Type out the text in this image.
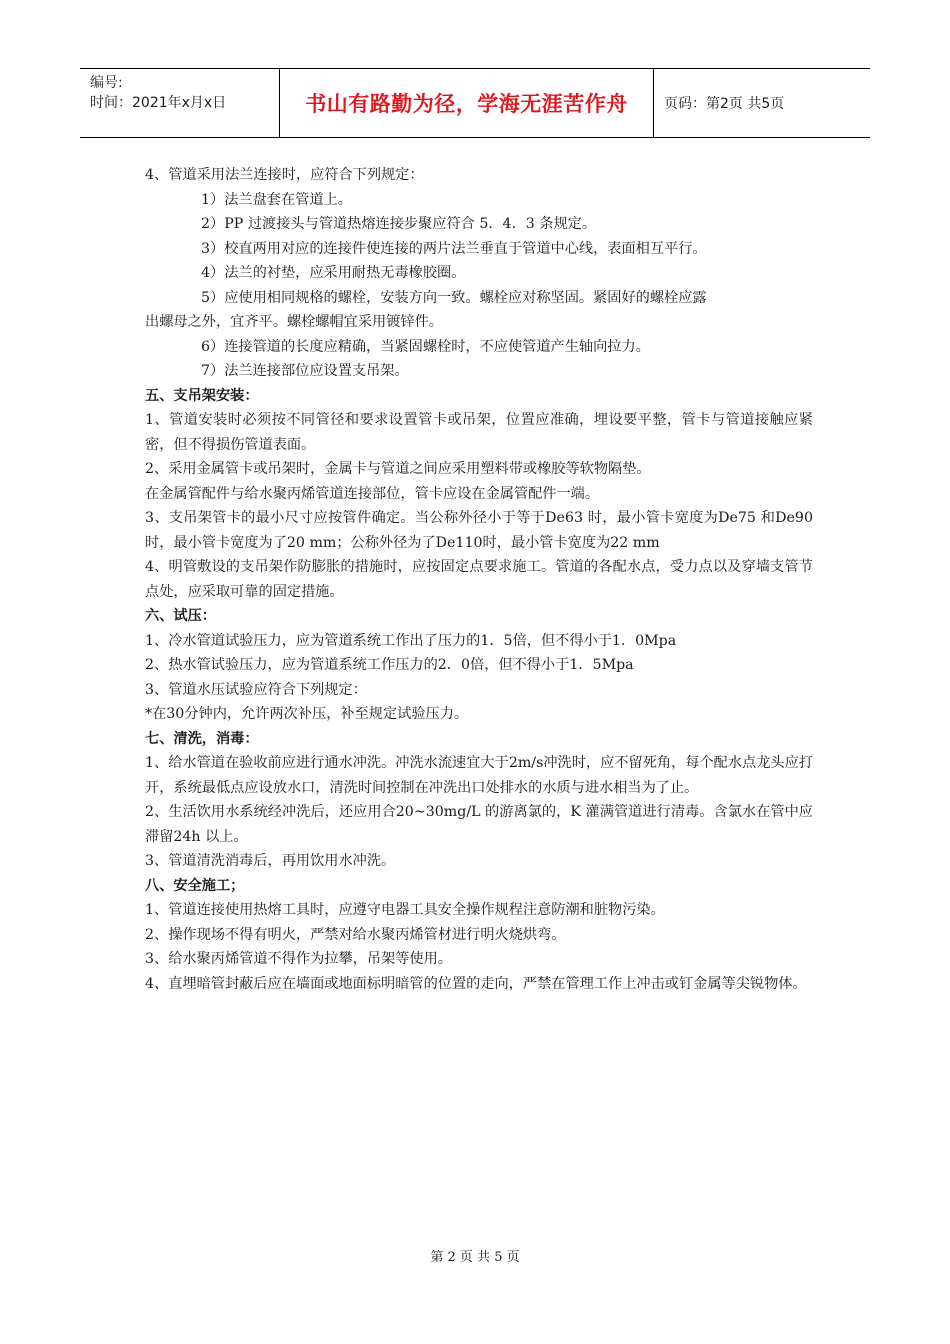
编号:
时间：2021年x月x日	书山有路勤为径，学海无涯苦作舟	页码：第2页 共5页

4、管道采用法兰连接时，应符合下列规定：

1）法兰盘套在管道上。

2）PP 过渡接头与管道热熔连接步聚应符合 5．4．3 条规定。

3）校直两用对应的连接件使连接的两片法兰垂直于管道中心线，表面相互平行。

4）法兰的衬垫，应采用耐热无毒橡胶圈。

5）应使用相同规格的螺栓，安装方向一致。螺栓应对称坚固。紧固好的螺栓应露

出螺母之外，宜齐平。螺栓螺帽宜采用镀锌件。

6）连接管道的长度应精确，当紧固螺栓时，不应使管道产生轴向拉力。

7）法兰连接部位应设置支吊架。

五、支吊架安装：

1、管道安装时必须按不同管径和要求设置管卡或吊架，位置应准确，埋设要平整，管卡与管道接触应紧密，但不得损伤管道表面。

2、采用金属管卡或吊架时，金属卡与管道之间应采用塑料带或橡胶等软物隔垫。

在金属管配件与给水聚丙烯管道连接部位，管卡应设在金属管配件一端。

3、支吊架管卡的最小尺寸应按管件确定。当公称外径小于等于De63 时，最小管卡宽度为De75 和De90 时，最小管卡宽度为了20 mm；公称外径为了De110时，最小管卡宽度为22 mm

4、明管敷设的支吊架作防膨胀的措施时，应按固定点要求施工。管道的各配水点，受力点以及穿墙支管节点处，应采取可靠的固定措施。

六、试压：

1、冷水管道试验压力，应为管道系统工作出了压力的1．5倍，但不得小于1．0Mpa

2、热水管试验压力，应为管道系统工作压力的2．0倍，但不得小于1．5Mpa

3、管道水压试验应符合下列规定：

*在30分钟内，允许两次补压，补至规定试验压力。

七、清洗，消毒：

1、给水管道在验收前应进行通水冲洗。冲洗水流速宜大于2m/s冲洗时，应不留死角，每个配水点龙头应打开，系统最低点应设放水口，清洗时间控制在冲洗出口处排水的水质与进水相当为了止。

2、生活饮用水系统经冲洗后，还应用合20~30mg/L 的游离氯的，K 灌满管道进行清毒。含氯水在管中应滞留24h 以上。

3、管道清洗消毒后，再用饮用水冲洗。

八、安全施工；

1、管道连接使用热熔工具时，应遵守电器工具安全操作规程注意防潮和脏物污染。

2、操作现场不得有明火，严禁对给水聚丙烯管材进行明火烧烘弯。

3、给水聚丙烯管道不得作为拉攀，吊架等使用。

4、直埋暗管封蔽后应在墙面或地面标明暗管的位置的走向，严禁在管理工作上冲击或钉金属等尖锐物体。

第 2 页 共 5 页
